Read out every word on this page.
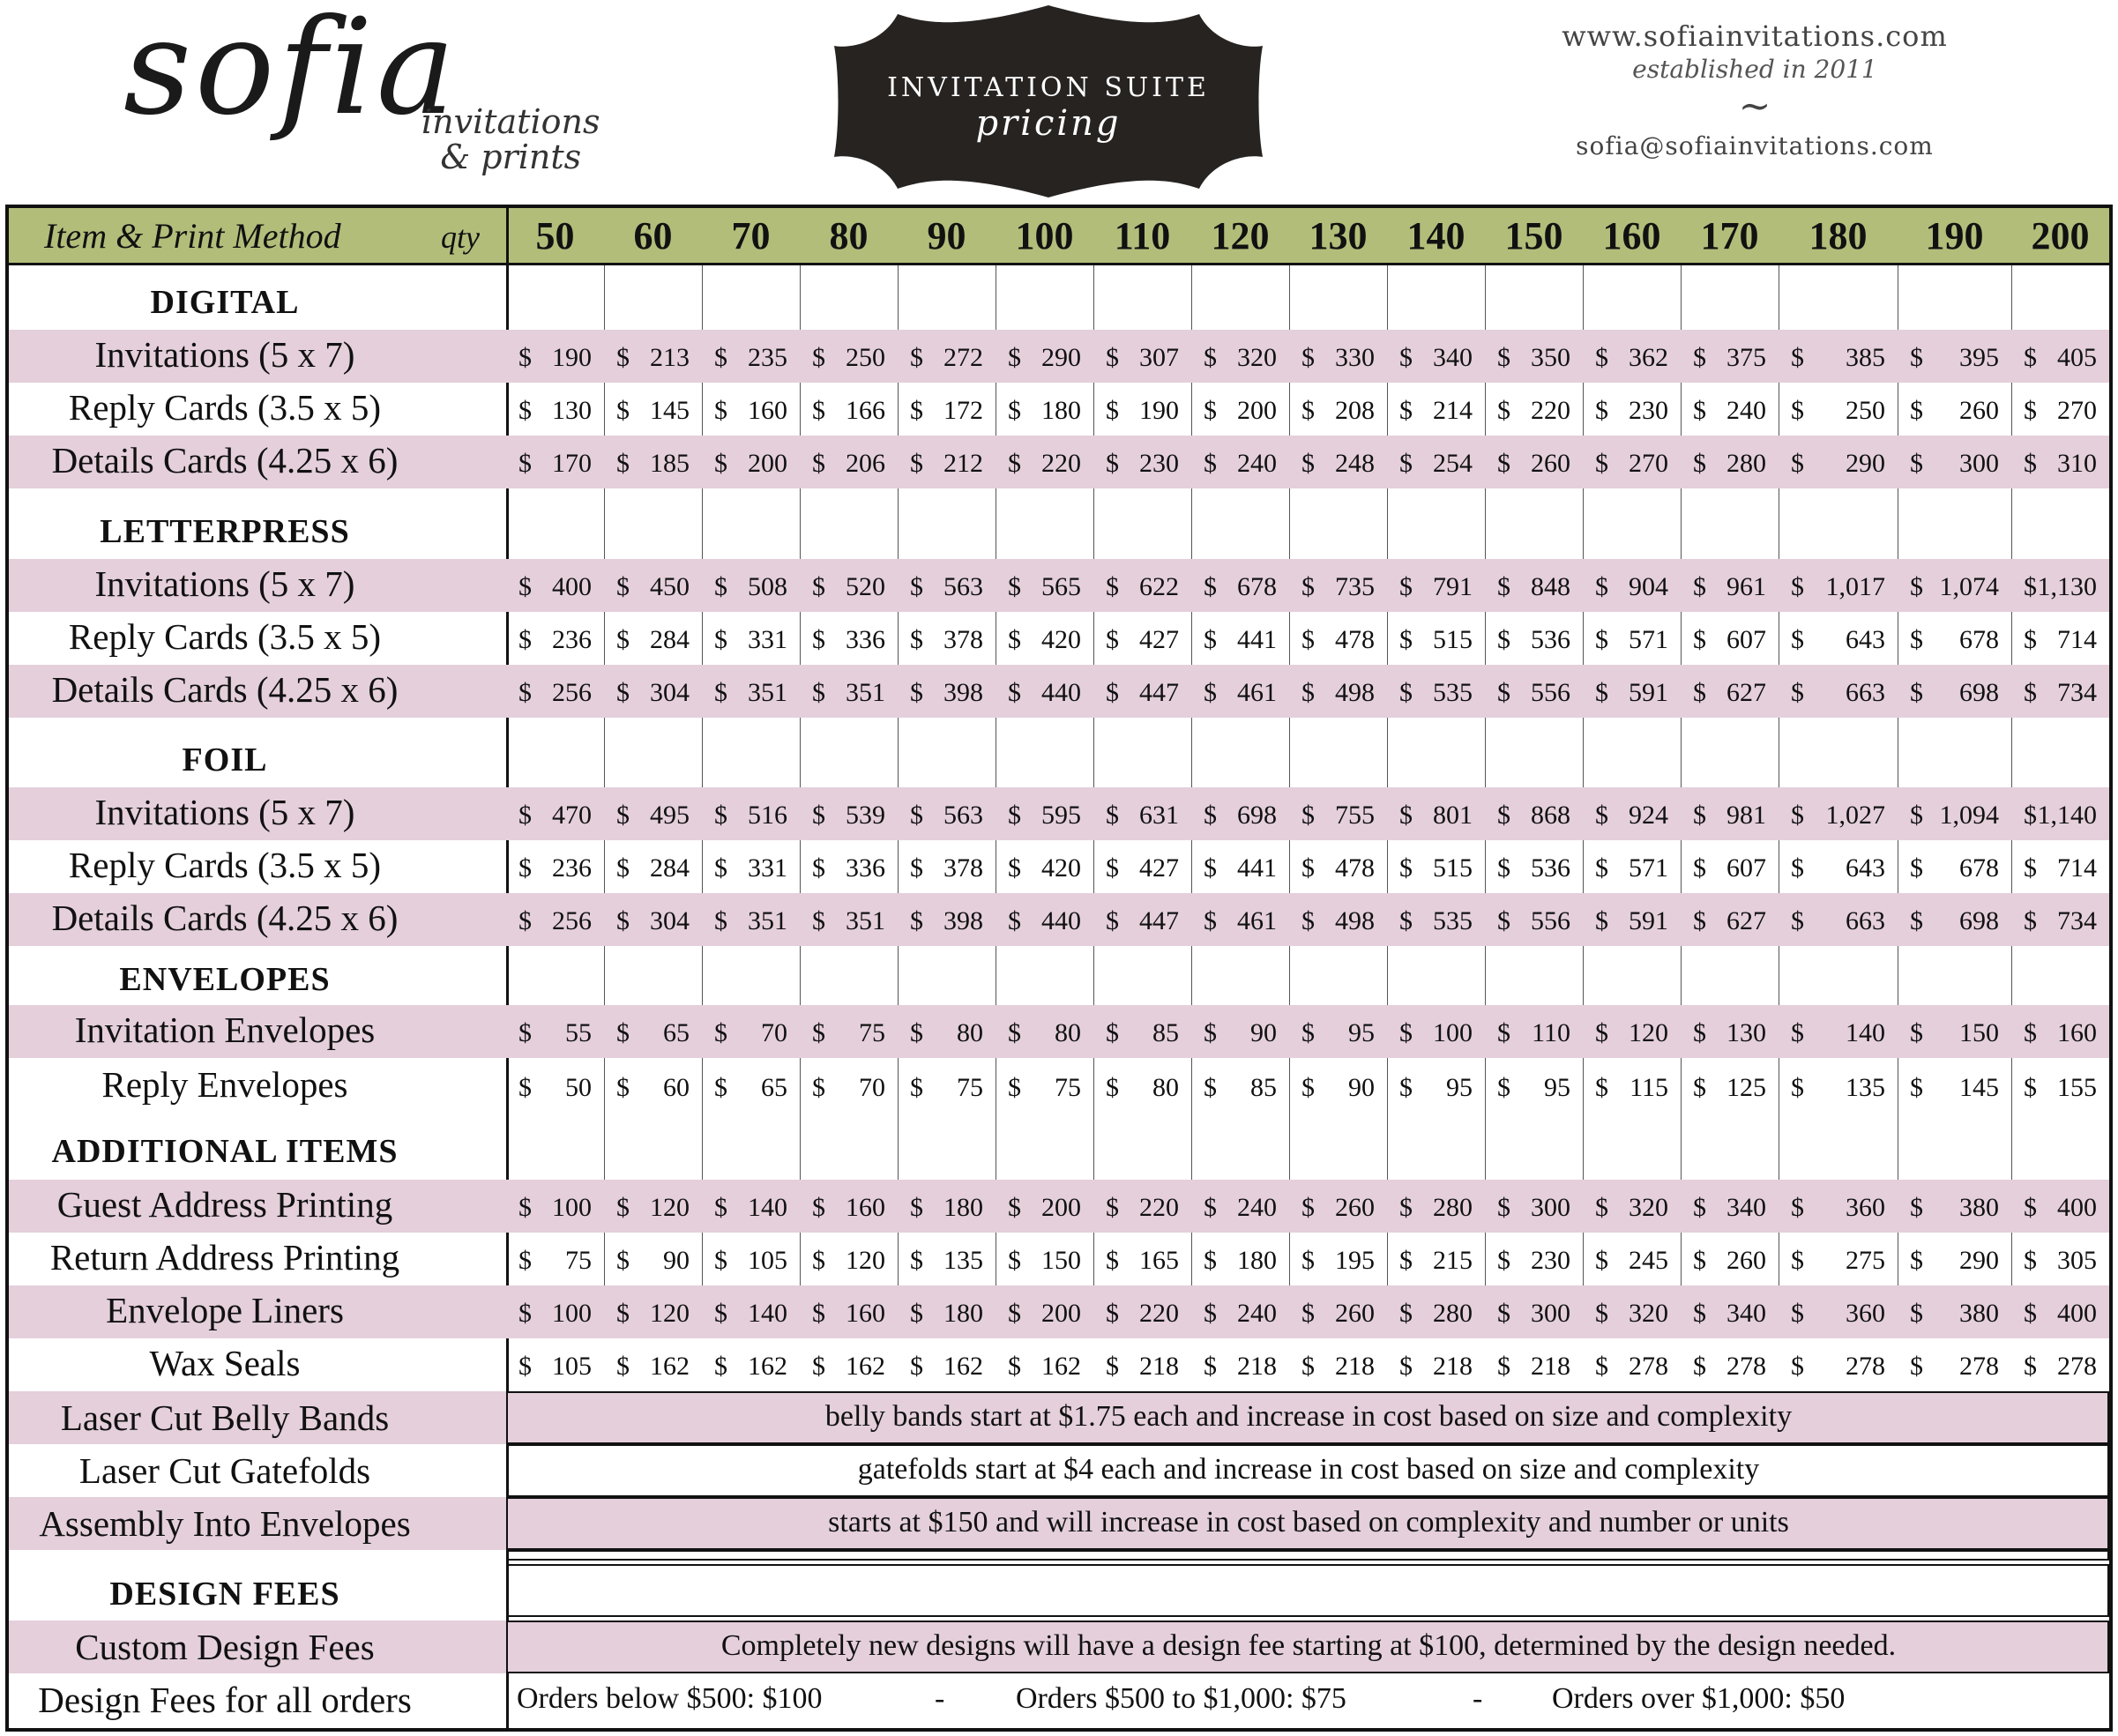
sofia
invitations
& prints
INVITATION SUITE
pricing
www.sofiainvitations.com
established in 2011
~
sofia@sofiainvitations.com
Item & Print Method	qty	50	60	70	80	90	100	110	120	130	140	150	160	170	180	190	200
DIGITAL
Invitations (5 x 7)	$ 190 $ 213 $ 235 $ 250 $ 272 $ 290 $ 307 $ 320 $ 330 $ 340 $ 350 $ 362 $ 375 $ 385 $ 395 $ 405
Reply Cards (3.5 x 5)	$ 130 $ 145 $ 160 $ 166 $ 172 $ 180 $ 190 $ 200 $ 208 $ 214 $ 220 $ 230 $ 240 $ 250 $ 260 $ 270
Details Cards (4.25 x 6)	$ 170 $ 185 $ 200 $ 206 $ 212 $ 220 $ 230 $ 240 $ 248 $ 254 $ 260 $ 270 $ 280 $ 290 $ 300 $ 310
LETTERPRESS
Invitations (5 x 7)	$ 400 $ 450 $ 508 $ 520 $ 563 $ 565 $ 622 $ 678 $ 735 $ 791 $ 848 $ 904 $ 961 $ 1,017 $ 1,074 $ 1,130
Reply Cards (3.5 x 5)	$ 236 $ 284 $ 331 $ 336 $ 378 $ 420 $ 427 $ 441 $ 478 $ 515 $ 536 $ 571 $ 607 $ 643 $ 678 $ 714
Details Cards (4.25 x 6)	$ 256 $ 304 $ 351 $ 351 $ 398 $ 440 $ 447 $ 461 $ 498 $ 535 $ 556 $ 591 $ 627 $ 663 $ 698 $ 734
FOIL
Invitations (5 x 7)	$ 470 $ 495 $ 516 $ 539 $ 563 $ 595 $ 631 $ 698 $ 755 $ 801 $ 868 $ 924 $ 981 $ 1,027 $ 1,094 $ 1,140
Reply Cards (3.5 x 5)	$ 236 $ 284 $ 331 $ 336 $ 378 $ 420 $ 427 $ 441 $ 478 $ 515 $ 536 $ 571 $ 607 $ 643 $ 678 $ 714
Details Cards (4.25 x 6)	$ 256 $ 304 $ 351 $ 351 $ 398 $ 440 $ 447 $ 461 $ 498 $ 535 $ 556 $ 591 $ 627 $ 663 $ 698 $ 734
ENVELOPES
Invitation Envelopes	$ 55 $ 65 $ 70 $ 75 $ 80 $ 80 $ 85 $ 90 $ 95 $ 100 $ 110 $ 120 $ 130 $ 140 $ 150 $ 160
Reply Envelopes	$ 50 $ 60 $ 65 $ 70 $ 75 $ 75 $ 80 $ 85 $ 90 $ 95 $ 95 $ 115 $ 125 $ 135 $ 145 $ 155
ADDITIONAL ITEMS
Guest Address Printing	$ 100 $ 120 $ 140 $ 160 $ 180 $ 200 $ 220 $ 240 $ 260 $ 280 $ 300 $ 320 $ 340 $ 360 $ 380 $ 400
Return Address Printing	$ 75 $ 90 $ 105 $ 120 $ 135 $ 150 $ 165 $ 180 $ 195 $ 215 $ 230 $ 245 $ 260 $ 275 $ 290 $ 305
Envelope Liners	$ 100 $ 120 $ 140 $ 160 $ 180 $ 200 $ 220 $ 240 $ 260 $ 280 $ 300 $ 320 $ 340 $ 360 $ 380 $ 400
Wax Seals	$ 105 $ 162 $ 162 $ 162 $ 162 $ 162 $ 218 $ 218 $ 218 $ 218 $ 218 $ 278 $ 278 $ 278 $ 278 $ 278
Laser Cut Belly Bands	belly bands start at $1.75 each and increase in cost based on size and complexity
Laser Cut Gatefolds	gatefolds start at $4 each and increase in cost based on size and complexity
Assembly Into Envelopes	starts at $150 and will increase in cost based on complexity and number or units
DESIGN FEES
Custom Design Fees	Completely new designs will have a design fee starting at $100, determined by the design needed.
Design Fees for all orders	Orders below $500: $100	- Orders $500 to $1,000: $75	- Orders over $1,000: $50
